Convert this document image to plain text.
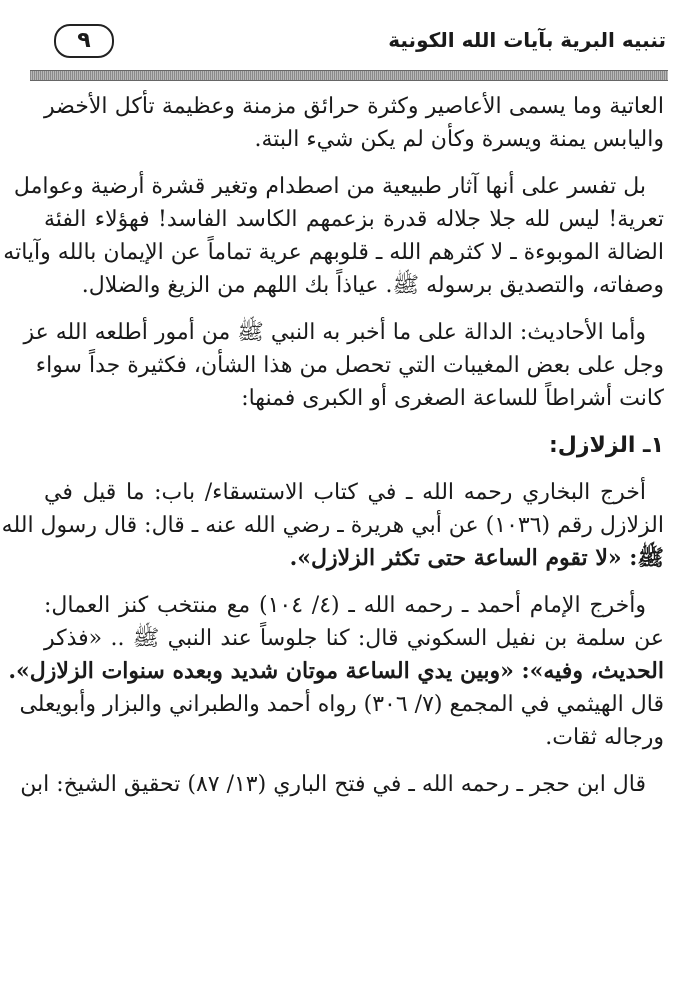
تنبيه البرية بآيات الله الكونية
٩
العاتية وما يسمى الأعاصير وكثرة حرائق مزمنة وعظيمة تأكل الأخضر
واليابس يمنة ويسرة وكأن لم يكن شيء البتة.
بل تفسر على أنها آثار طبيعية من اصطدام وتغير قشرة أرضية وعوامل
تعرية! ليس لله جلا جلاله قدرة بزعمهم الكاسد الفاسد! فهؤلاء الفئة
الضالة الموبوءة ـ لا كثرهم الله ـ قلوبهم عرية تماماً عن الإيمان بالله وآياته
وصفاته، والتصديق برسوله ﷺ. عياذاً بك اللهم من الزيغ والضلال.
وأما الأحاديث: الدالة على ما أخبر به النبي ﷺ من أمور أطلعه الله عز
وجل على بعض المغيبات التي تحصل من هذا الشأن، فكثيرة جداً سواء
كانت أشراطاً للساعة الصغرى أو الكبرى فمنها:
١ـ الزلازل:
أخرج البخاري رحمه الله ـ في كتاب الاستسقاء/ باب: ما قيل في
الزلازل رقم (١٠٣٦) عن أبي هريرة ـ رضي الله عنه ـ قال: قال رسول الله
ﷺ: «لا تقوم الساعة حتى تكثر الزلازل».
وأخرج الإمام أحمد ـ رحمه الله ـ (٤/ ١٠٤) مع منتخب كنز العمال:
عن سلمة بن نفيل السكوني قال: كنا جلوساً عند النبي ﷺ .. «فذكر
الحديث، وفيه»: «وبين يدي الساعة موتان شديد وبعده سنوات الزلازل».
قال الهيثمي في المجمع (٧/ ٣٠٦) رواه أحمد والطبراني والبزار وأبويعلى
ورجاله ثقات.
قال ابن حجر ـ رحمه الله ـ في فتح الباري (١٣/ ٨٧) تحقيق الشيخ: ابن
